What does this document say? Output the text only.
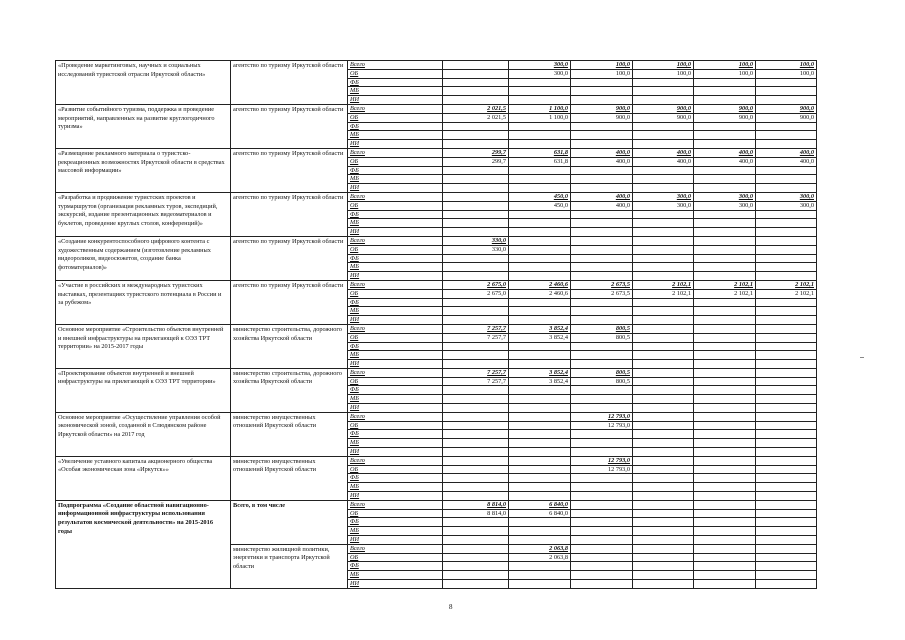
«Проведение маркетинговых, научных и социальных исследований туристской отрасли Иркутской области»	агентство по туризму Иркутской области	Всего		300,0	100,0	100,0	100,0	100,0
		ОБ		300,0	100,0	100,0	100,0	100,0
		ФБ						
		МБ						
		ИИ						
«Развитие событийного туризма, поддержка и проведение мероприятий, направленных на развитие круглогодичного туризма»	агентство по туризму Иркутской области	Всего	2 021,5	1 100,0	900,0	900,0	900,0	900,0
		ОБ	2 021,5	1 100,0	900,0	900,0	900,0	900,0
		ФБ						
		МБ						
		ИИ						
«Размещение рекламного материала о туристско-рекреационных возможностях Иркутской области в средствах массовой информации»	агентство по туризму Иркутской области	Всего	299,7	631,8	400,0	400,0	400,0	400,0
		ОБ	299,7	631,8	400,0	400,0	400,0	400,0
		ФБ						
		МБ						
		ИИ						
«Разработка и продвижение туристских проектов и турмаршрутов (организация рекламных туров, экспедиций, экскурсий, издание презентационных видеоматериалов и буклетов, проведение круглых столов, конференций)»	агентство по туризму Иркутской области	Всего		450,0	400,0	300,0	300,0	300,0
		ОБ		450,0	400,0	300,0	300,0	300,0
		ФБ						
		МБ						
		ИИ						
«Создание конкурентоспособного цифрового контента с художественным содержанием (изготовление рекламных видеороликов, видеосюжетов, создание банка фотоматериалов)»	агентство по туризму Иркутской области	Всего	330,0					
		ОБ	330,0					
		ФБ						
		МБ						
		ИИ						
«Участие в российских и международных туристских выставках, презентациях туристского потенциала в России и за рубежом»	агентство по туризму Иркутской области	Всего	2 675,0	2 460,6	2 673,5	2 102,1	2 102,1	2 102,1
		ОБ	2 675,0	2 460,6	2 673,5	2 102,1	2 102,1	2 102,1
		ФБ						
		МБ						
		ИИ						
Основное мероприятие «Строительство объектов внутренней и внешней инфраструктуры на прилегающей к ОЭЗ ТРТ территории» на 2015-2017 годы	министерство строительства, дорожного хозяйства Иркутской области	Всего	7 257,7	3 852,4	800,5			
		ОБ	7 257,7	3 852,4	800,5			
		ФБ						
		МБ						
		ИИ						
«Проектирование объектов внутренней и внешней инфраструктуры на прилегающей к ОЭЗ ТРТ территории»	министерство строительства, дорожного хозяйства Иркутской области	Всего	7 257,7	3 852,4	800,5			
		ОБ	7 257,7	3 852,4	800,5			
		ФБ						
		МБ						
		ИИ						
Основное мероприятие «Осуществление управления особой экономической зоной, созданной в Слюдянском районе Иркутской области» на 2017 год	министерство имущественных отношений Иркутской области	Всего			12 793,0			
		ОБ			12 793,0			
		ФБ						
		МБ						
		ИИ						
«Увеличение уставного капитала акционерного общества «Особая экономическая зона «Иркутск»»	министерство имущественных отношений Иркутской области	Всего			12 793,0			
		ОБ			12 793,0			
		ФБ						
		МБ						
		ИИ						
Подпрограмма «Создание областной навигационно-информационной инфраструктуры использования результатов космической деятельности» на 2015-2016 годы	Всего, в том числе	Всего	8 814,0	6 840,0				
		ОБ	8 814,0	6 840,0				
		ФБ						
		МБ						
		ИИ						
	министерство жилищной политики, энергетики и транспорта Иркутской области	Всего		2 063,8				
		ОБ		2 063,8				
		ФБ						
		МБ						
		ИИ						
8
